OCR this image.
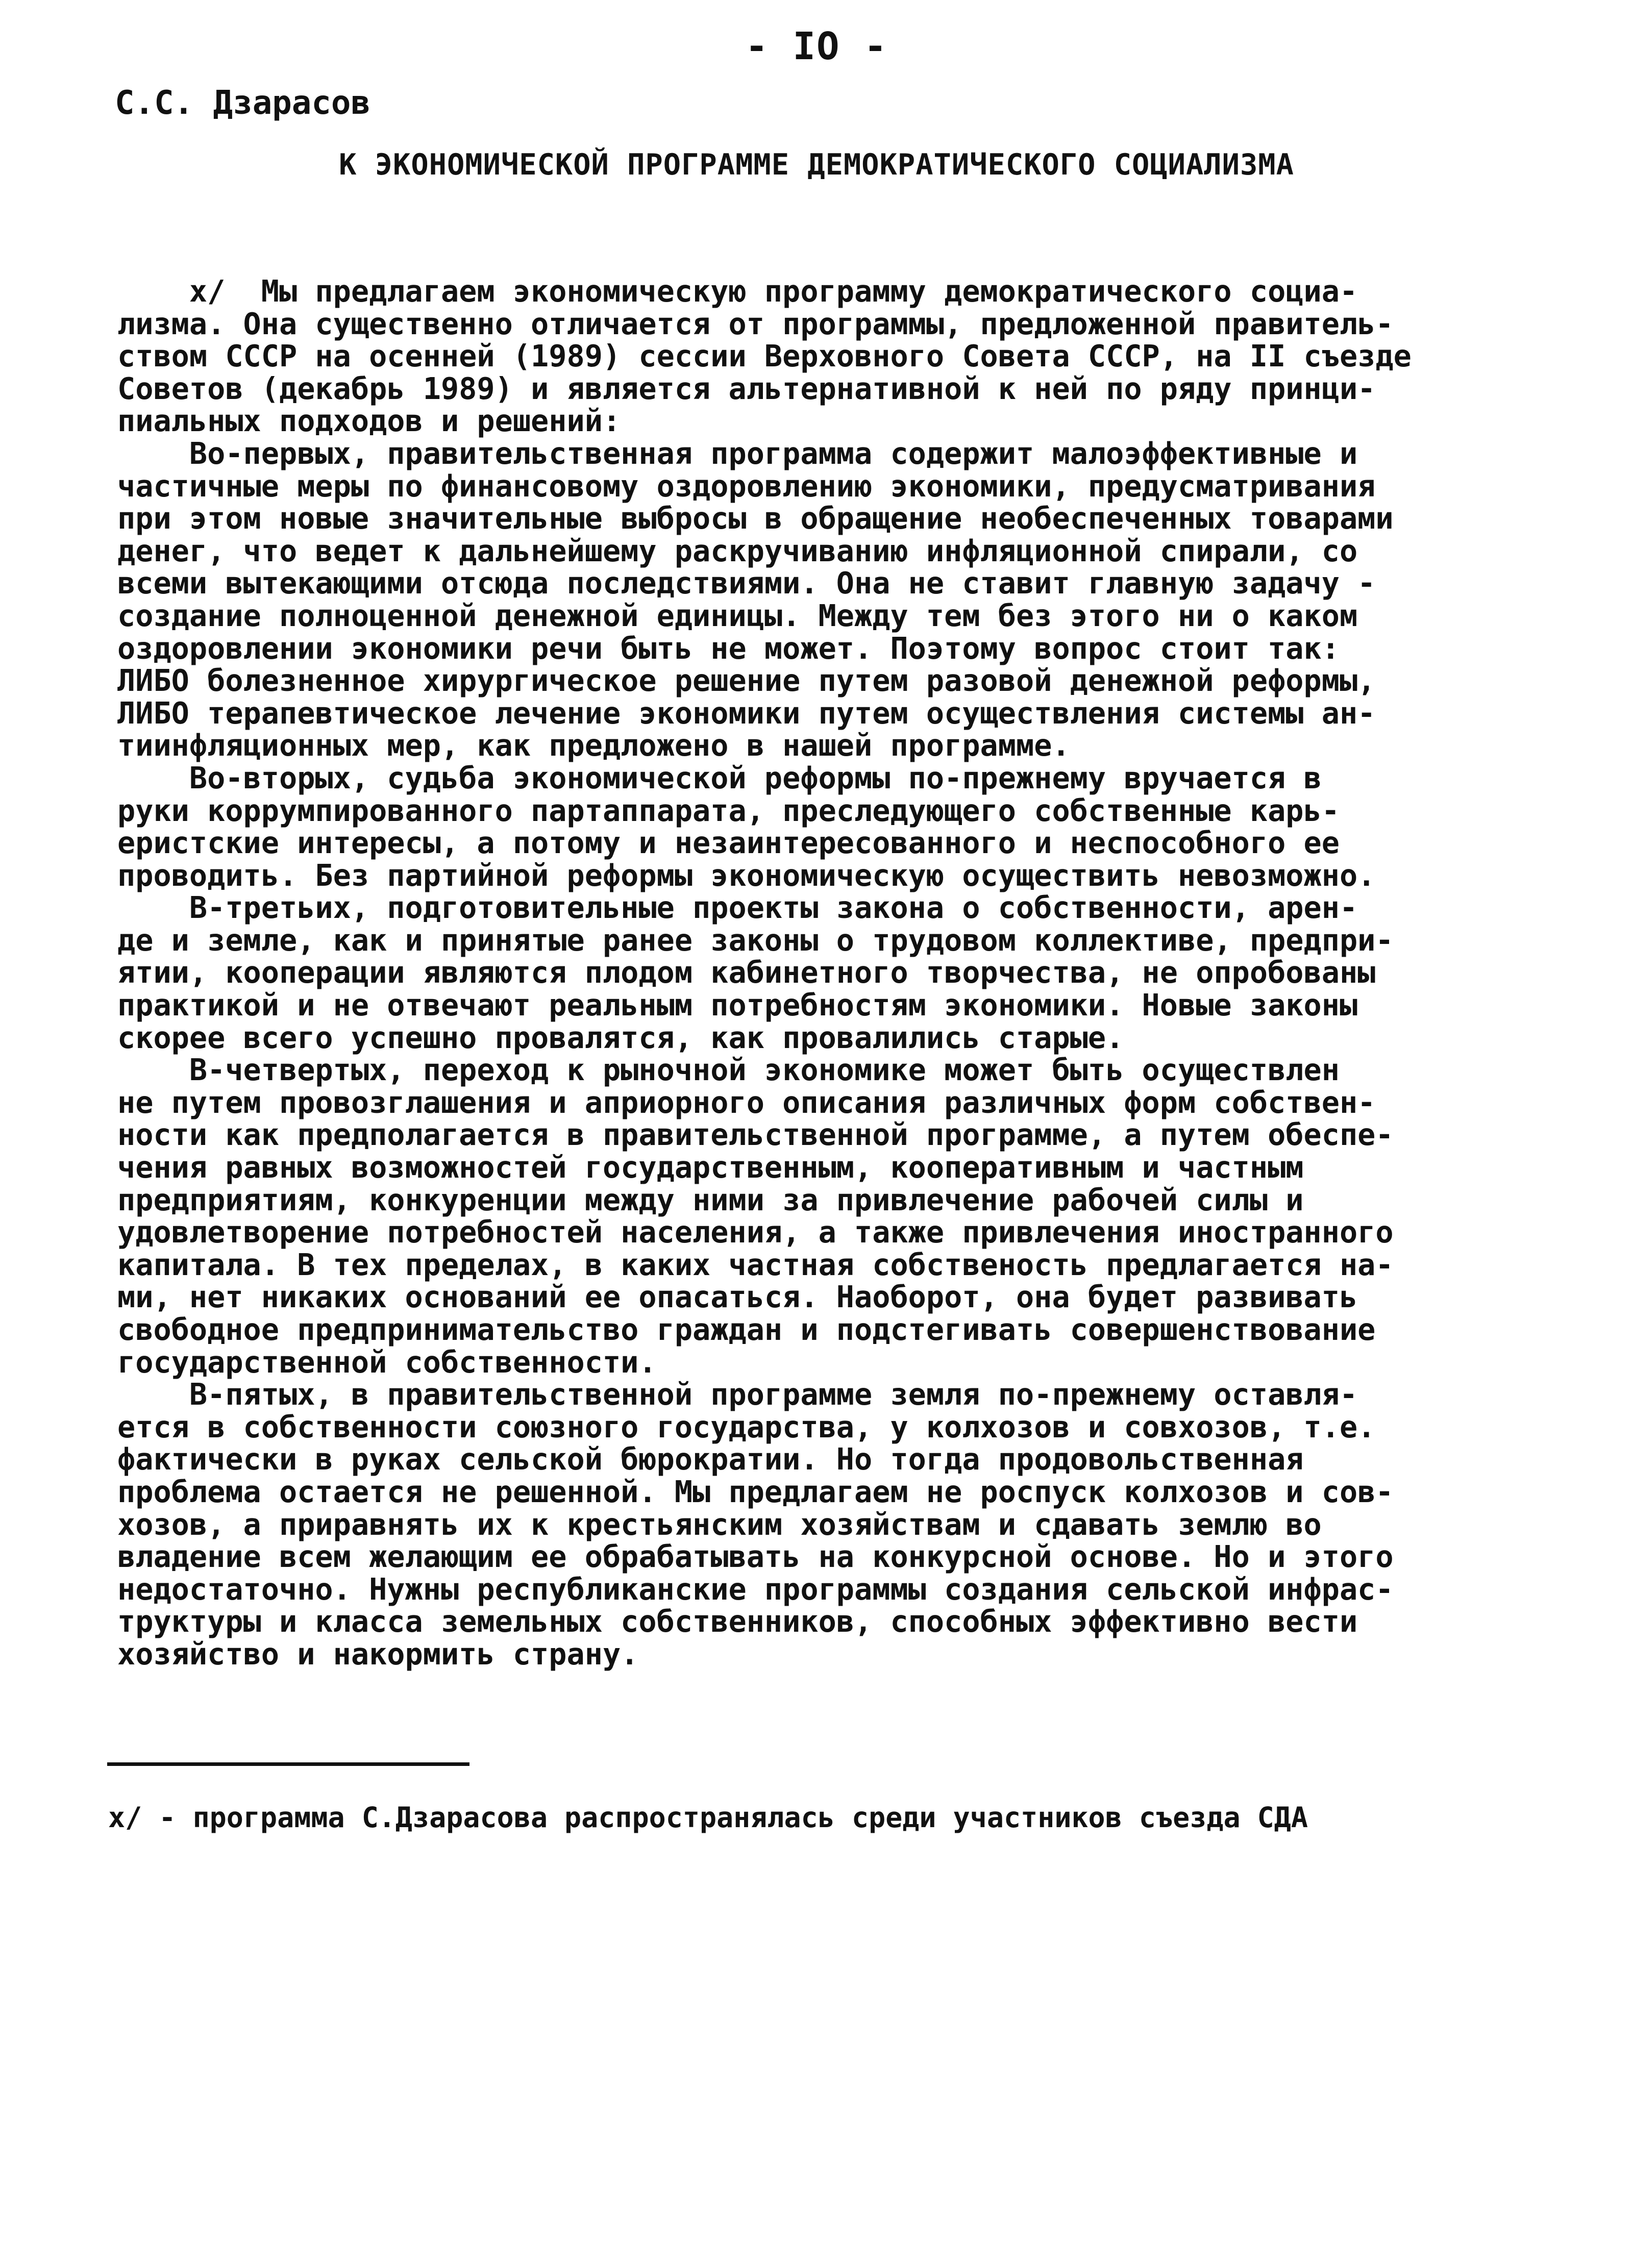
- IO -
С.С. Дзарасов
К ЭКОНОМИЧЕСКОЙ ПРОГРАММЕ ДЕМОКРАТИЧЕСКОГО СОЦИАЛИЗМА
х/  Мы предлагаем экономическую программу демократического социа-
лизма. Она существенно отличается от программы, предложенной правитель-
ством СССР на осенней (1989) сессии Верховного Совета СССР, на II съезде
Советов (декабрь 1989) и является альтернативной к ней по ряду принци-
пиальных подходов и решений:
Во-первых, правительственная программа содержит малоэффективные и
частичные меры по финансовому оздоровлению экономики, предусматривания
при этом новые значительные выбросы в обращение необеспеченных товарами
денег, что ведет к дальнейшему раскручиванию инфляционной спирали, со
всеми вытекающими отсюда последствиями. Она не ставит главную задачу -
создание полноценной денежной единицы. Между тем без этого ни о каком
оздоровлении экономики речи быть не может. Поэтому вопрос стоит так:
ЛИБО болезненное хирургическое решение путем разовой денежной реформы,
ЛИБО терапевтическое лечение экономики путем осуществления системы ан-
тиинфляционных мер, как предложено в нашей программе.
Во-вторых, судьба экономической реформы по-прежнему вручается в
руки коррумпированного партаппарата, преследующего собственные карь-
еристские интересы, а потому и незаинтересованного и неспособного ее
проводить. Без партийной реформы экономическую осуществить невозможно.
В-третьих, подготовительные проекты закона о собственности, арен-
де и земле, как и принятые ранее законы о трудовом коллективе, предпри-
ятии, кооперации являются плодом кабинетного творчества, не опробованы
практикой и не отвечают реальным потребностям экономики. Новые законы
скорее всего успешно провалятся, как провалились старые.
В-четвертых, переход к рыночной экономике может быть осуществлен
не путем провозглашения и априорного описания различных форм собствен-
ности как предполагается в правительственной программе, а путем обеспе-
чения равных возможностей государственным, кооперативным и частным
предприятиям, конкуренции между ними за привлечение рабочей силы и
удовлетворение потребностей населения, а также привлечения иностранного
капитала. В тех пределах, в каких частная собственость предлагается на-
ми, нет никаких оснований ее опасаться. Наоборот, она будет развивать
свободное предпринимательство граждан и подстегивать совершенствование
государственной собственности.
В-пятых, в правительственной программе земля по-прежнему оставля-
ется в собственности союзного государства, у колхозов и совхозов, т.е.
фактически в руках сельской бюрократии. Но тогда продовольственная
проблема остается не решенной. Мы предлагаем не роспуск колхозов и сов-
хозов, а приравнять их к крестьянским хозяйствам и сдавать землю во
владение всем желающим ее обрабатывать на конкурсной основе. Но и этого
недостаточно. Нужны республиканские программы создания сельской инфрас-
труктуры и класса земельных собственников, способных эффективно вести
хозяйство и накормить страну.
х/ - программа С.Дзарасова распространялась среди участников съезда СДА
